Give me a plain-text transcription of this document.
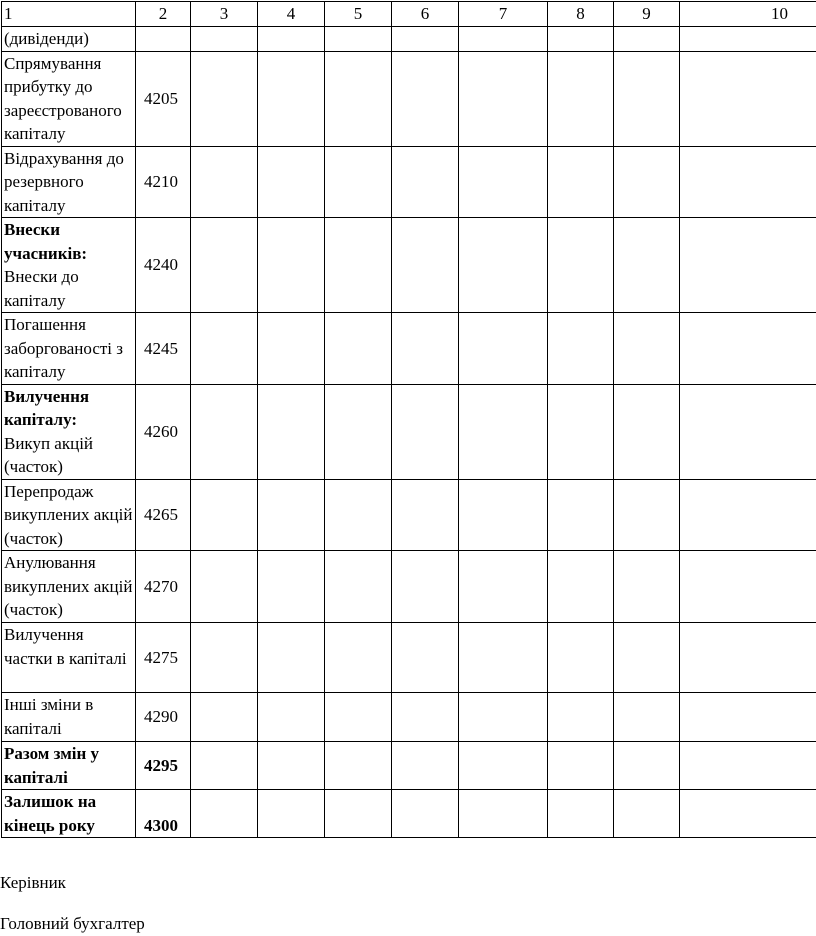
1	2	3	4	5	6	7	8	9	10
(дивіденди)									
Спрямування прибутку до зареєстрованого капіталу	4205								
Відрахування до резервного капіталу	4210								
Внески учасників:
Внески до капіталу	4240								
Погашення заборгованості з капіталу	4245								
Вилучення капіталу:
Викуп акцій (часток)	4260								
Перепродаж викуплених акцій (часток)	4265								
Анулювання викуплених акцій (часток)	4270								
Вилучення частки в капіталі	4275								
Інші зміни в капіталі	4290								
Разом змін у капіталі	4295								
Залишок на кінець року	4300								
Керівник
Головний бухгалтер
